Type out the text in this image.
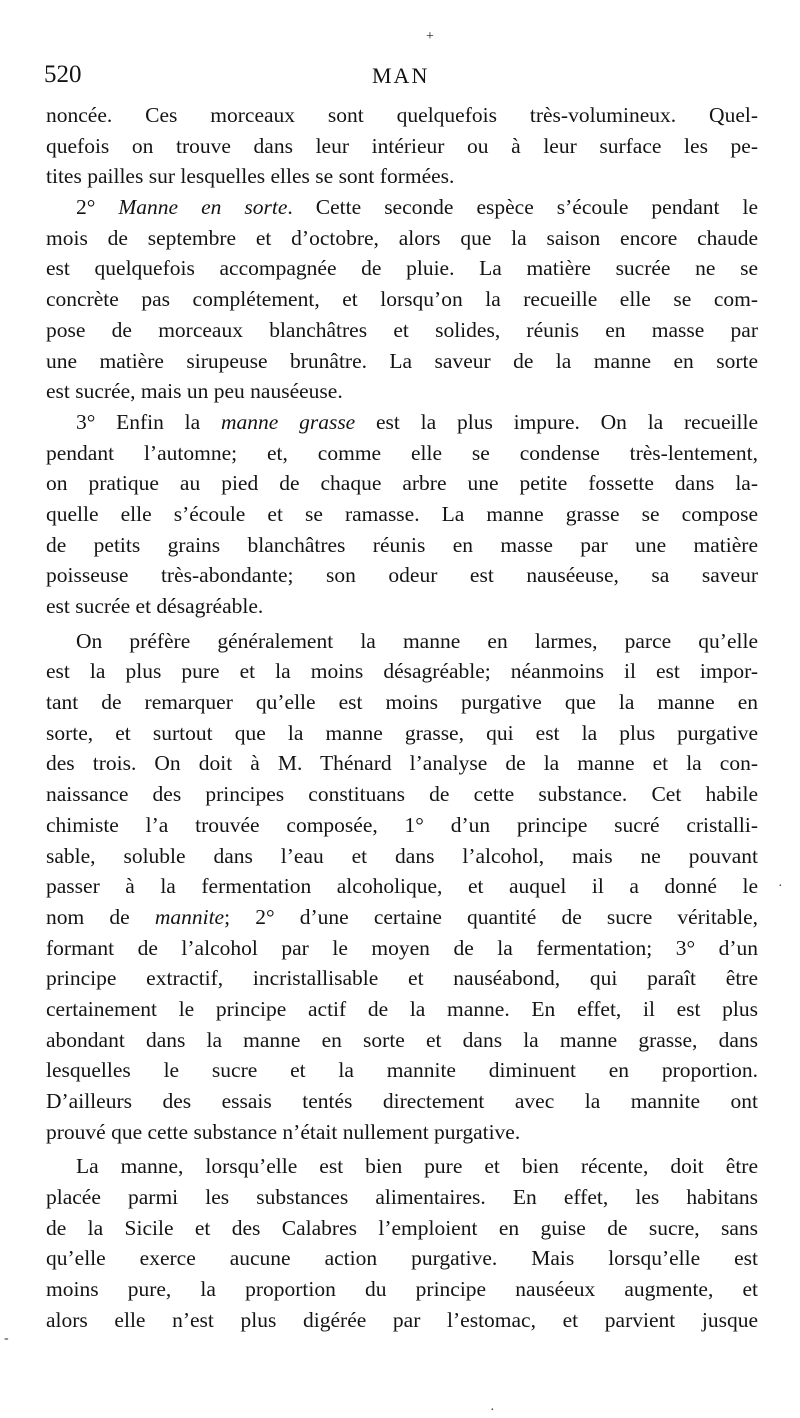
+
520	MAN
noncée. Ces morceaux sont quelquefois très-volumineux. Quel-
quefois on trouve dans leur intérieur ou à leur surface les pe-
tites pailles sur lesquelles elles se sont formées.
2° Manne en sorte. Cette seconde espèce s’écoule pendant le
mois de septembre et d’octobre, alors que la saison encore chaude
est quelquefois accompagnée de pluie. La matière sucrée ne se
concrète pas complétement, et lorsqu’on la recueille elle se com-
pose de morceaux blanchâtres et solides, réunis en masse par
une matière sirupeuse brunâtre. La saveur de la manne en sorte
est sucrée, mais un peu nauséeuse.
3° Enfin la manne grasse est la plus impure. On la recueille
pendant l’automne; et, comme elle se condense très-lentement,
on pratique au pied de chaque arbre une petite fossette dans la-
quelle elle s’écoule et se ramasse. La manne grasse se compose
de petits grains blanchâtres réunis en masse par une matière
poisseuse très-abondante; son odeur est nauséeuse, sa saveur
est sucrée et désagréable.
On préfère généralement la manne en larmes, parce qu’elle
est la plus pure et la moins désagréable; néanmoins il est impor-
tant de remarquer qu’elle est moins purgative que la manne en
sorte, et surtout que la manne grasse, qui est la plus purgative
des trois. On doit à M. Thénard l’analyse de la manne et la con-
naissance des principes constituans de cette substance. Cet habile
chimiste l’a trouvée composée, 1° d’un principe sucré cristalli-
sable, soluble dans l’eau et dans l’alcohol, mais ne pouvant
passer à la fermentation alcoholique, et auquel il a donné le
nom de mannite; 2° d’une certaine quantité de sucre véritable,
formant de l’alcohol par le moyen de la fermentation; 3° d’un
principe extractif, incristallisable et nauséabond, qui paraît être
certainement le principe actif de la manne. En effet, il est plus
abondant dans la manne en sorte et dans la manne grasse, dans
lesquelles le sucre et la mannite diminuent en proportion.
D’ailleurs des essais tentés directement avec la mannite ont
prouvé que cette substance n’était nullement purgative.
La manne, lorsqu’elle est bien pure et bien récente, doit être
placée parmi les substances alimentaires. En effet, les habitans
de la Sicile et des Calabres l’emploient en guise de sucre, sans
qu’elle exerce aucune action purgative. Mais lorsqu’elle est
moins pure, la proportion du principe nauséeux augmente, et
alors elle n’est plus digérée par l’estomac, et parvient jusque
·
-
·
